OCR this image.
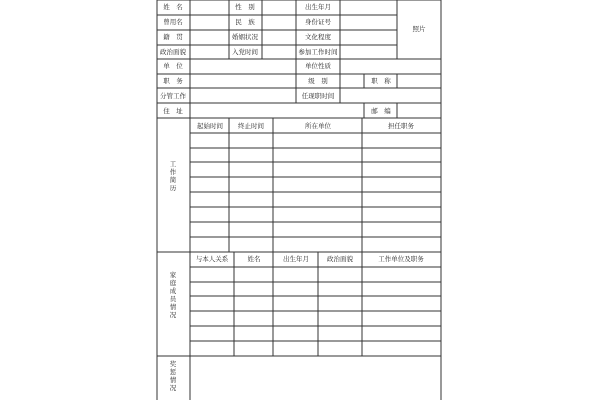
姓　名	性　别	出生年月
照片
曾用名	民　族	身份证号
籍　贯	婚姻状况	文化程度
政治面貌	入党时间	参加工作时间
单　位	单位性质
职　务	级　别	职　称
分管工作	任现职时间
住　址	邮　编
工作简历
起始时间 终止时间	所在单位	担任职务
家庭成员情况
与本人关系	姓名	出生年月	政治面貌	工作单位及职务
奖惩情况
